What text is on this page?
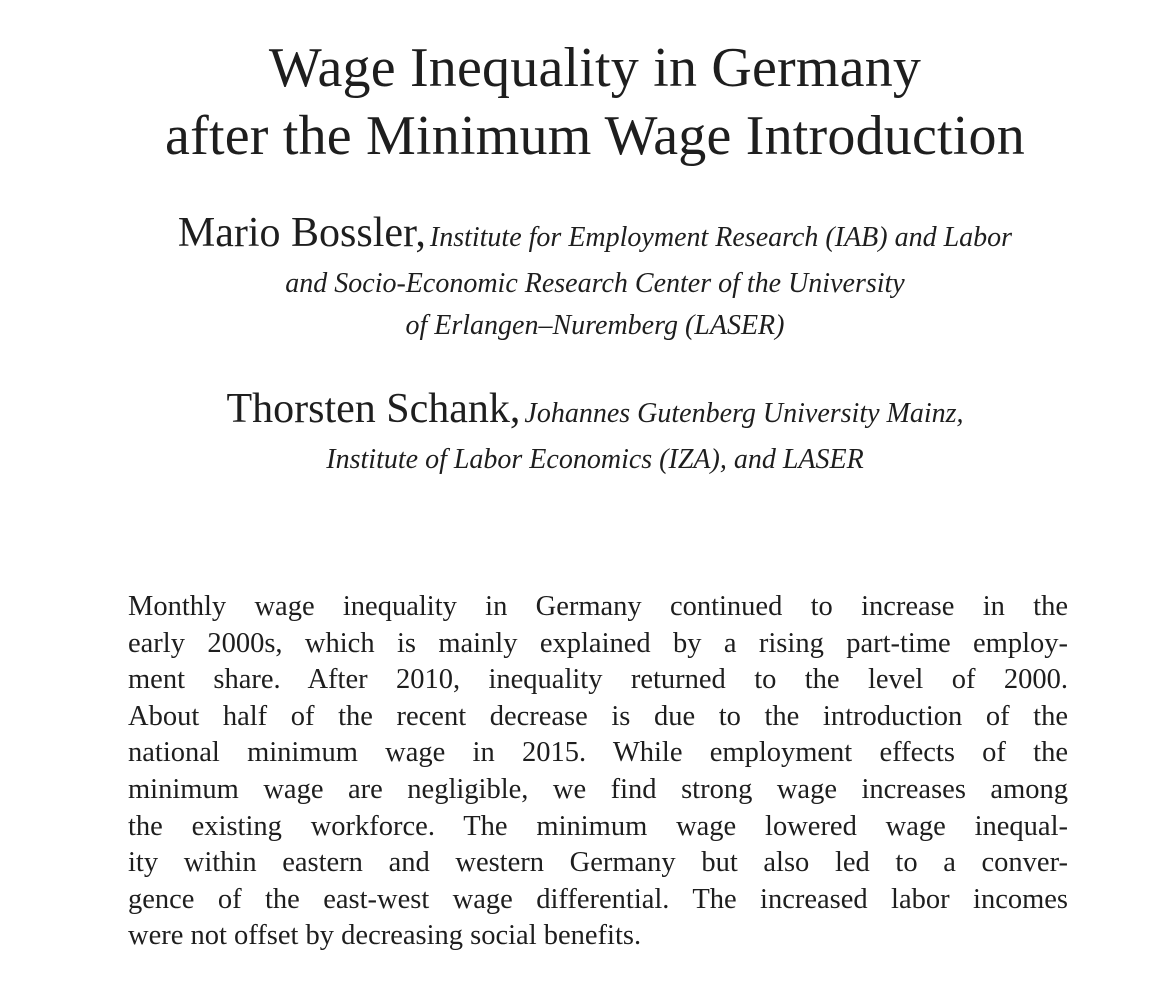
Wage Inequality in Germany
after the Minimum Wage Introduction
Mario Bossler, Institute for Employment Research (IAB) and Labor
and Socio-Economic Research Center of the University
of Erlangen–Nuremberg (LASER)
Thorsten Schank, Johannes Gutenberg University Mainz,
Institute of Labor Economics (IZA), and LASER
Monthly wage inequality in Germany continued to increase in the
early 2000s, which is mainly explained by a rising part-time employ-
ment share. After 2010, inequality returned to the level of 2000.
About half of the recent decrease is due to the introduction of the
national minimum wage in 2015. While employment effects of the
minimum wage are negligible, we find strong wage increases among
the existing workforce. The minimum wage lowered wage inequal-
ity within eastern and western Germany but also led to a conver-
gence of the east-west wage differential. The increased labor incomes
were not offset by decreasing social benefits.
